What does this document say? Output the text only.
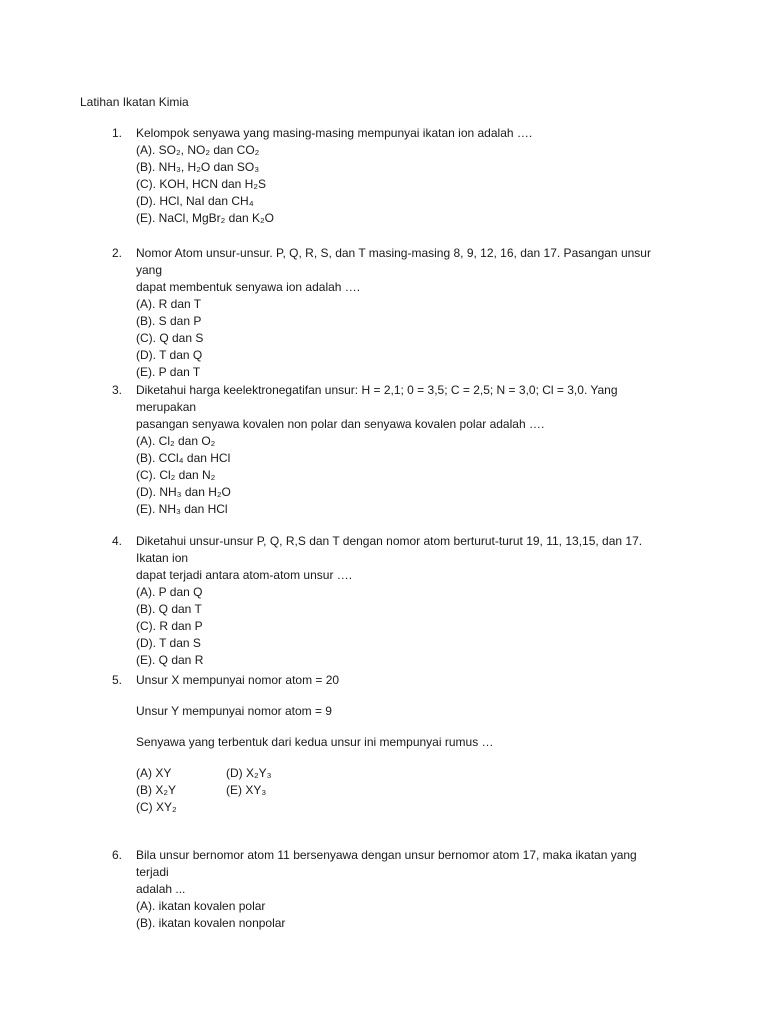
Latihan Ikatan Kimia
1. Kelompok senyawa yang masing-masing mempunyai ikatan ion adalah ….
(A). SO₂, NO₂ dan CO₂
(B). NH₃, H₂O dan SO₃
(C). KOH, HCN dan H₂S
(D). HCl, NaI dan CH₄
(E). NaCl, MgBr₂ dan K₂O
2. Nomor Atom unsur-unsur. P, Q, R, S, dan T masing-masing 8, 9, 12, 16, dan 17. Pasangan unsur yang
dapat membentuk senyawa ion adalah ….
(A). R dan T
(B). S dan P
(C). Q dan S
(D). T dan Q
(E). P dan T
3. Diketahui harga keelektronegatifan unsur: H = 2,1; 0 = 3,5; C = 2,5; N = 3,0; Cl = 3,0. Yang merupakan
pasangan senyawa kovalen non polar dan senyawa kovalen polar adalah ….
(A). Cl₂ dan O₂
(B). CCl₄ dan HCl
(C). Cl₂ dan N₂
(D). NH₃ dan H₂O
(E). NH₃ dan HCl
4. Diketahui unsur-unsur P, Q, R,S dan T dengan nomor atom berturut-turut 19, 11, 13,15, dan 17. Ikatan ion
dapat terjadi antara atom-atom unsur ….
(A). P dan Q
(B). Q dan T
(C). R dan P
(D). T dan S
(E). Q dan R
5. Unsur X mempunyai nomor atom = 20
Unsur Y mempunyai nomor atom = 9
Senyawa yang terbentuk dari kedua unsur ini mempunyai rumus …
(A) XY
(B) X₂Y
(C) XY₂
(D) X₂Y₃
(E) XY₃
6. Bila unsur bernomor atom 11 bersenyawa dengan unsur bernomor atom 17, maka ikatan yang terjadi
adalah ...
(A). ikatan kovalen polar
(B). ikatan kovalen nonpolar
